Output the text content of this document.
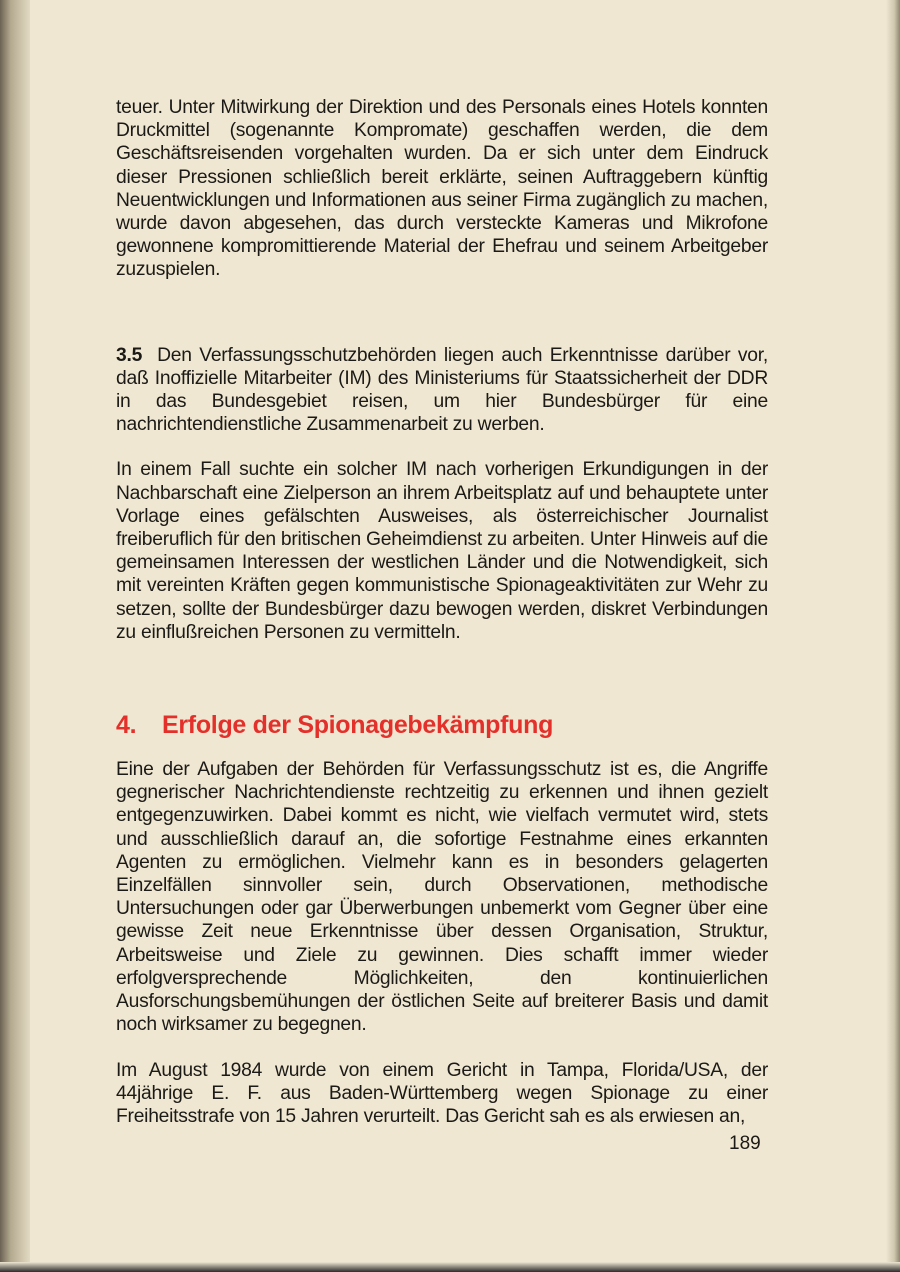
teuer. Unter Mitwirkung der Direktion und des Personals eines Hotels konnten Druckmittel (sogenannte Kompromate) geschaffen werden, die dem Geschäftsreisenden vorgehalten wurden. Da er sich unter dem Eindruck dieser Pressionen schließlich bereit erklärte, seinen Auftraggebern künftig Neuentwicklungen und Informationen aus seiner Firma zugänglich zu machen, wurde davon abgesehen, das durch versteckte Kameras und Mikrofone gewonnene kompromittierende Material der Ehefrau und seinem Arbeitgeber zuzuspielen.

3.5 Den Verfassungsschutzbehörden liegen auch Erkenntnisse darüber vor, daß Inoffizielle Mitarbeiter (IM) des Ministeriums für Staatssicherheit der DDR in das Bundesgebiet reisen, um hier Bundesbürger für eine nachrichtendienstliche Zusammenarbeit zu werben.

In einem Fall suchte ein solcher IM nach vorherigen Erkundigungen in der Nachbarschaft eine Zielperson an ihrem Arbeitsplatz auf und behauptete unter Vorlage eines gefälschten Ausweises, als österreichischer Journalist freiberuflich für den britischen Geheimdienst zu arbeiten. Unter Hinweis auf die gemeinsamen Interessen der westlichen Länder und die Notwendigkeit, sich mit vereinten Kräften gegen kommunistische Spionageaktivitäten zur Wehr zu setzen, sollte der Bundesbürger dazu bewogen werden, diskret Verbindungen zu einflußreichen Personen zu vermitteln.

4. Erfolge der Spionagebekämpfung

Eine der Aufgaben der Behörden für Verfassungsschutz ist es, die Angriffe gegnerischer Nachrichtendienste rechtzeitig zu erkennen und ihnen gezielt entgegenzuwirken. Dabei kommt es nicht, wie vielfach vermutet wird, stets und ausschließlich darauf an, die sofortige Festnahme eines erkannten Agenten zu ermöglichen. Vielmehr kann es in besonders gelagerten Einzelfällen sinnvoller sein, durch Observationen, methodische Untersuchungen oder gar Überwerbungen unbemerkt vom Gegner über eine gewisse Zeit neue Erkenntnisse über dessen Organisation, Struktur, Arbeitsweise und Ziele zu gewinnen. Dies schafft immer wieder erfolgversprechende Möglichkeiten, den kontinuierlichen Ausforschungsbemühungen der östlichen Seite auf breiterer Basis und damit noch wirksamer zu begegnen.

Im August 1984 wurde von einem Gericht in Tampa, Florida/USA, der 44jährige E. F. aus Baden-Württemberg wegen Spionage zu einer Freiheitsstrafe von 15 Jahren verurteilt. Das Gericht sah es als erwiesen an,

189
